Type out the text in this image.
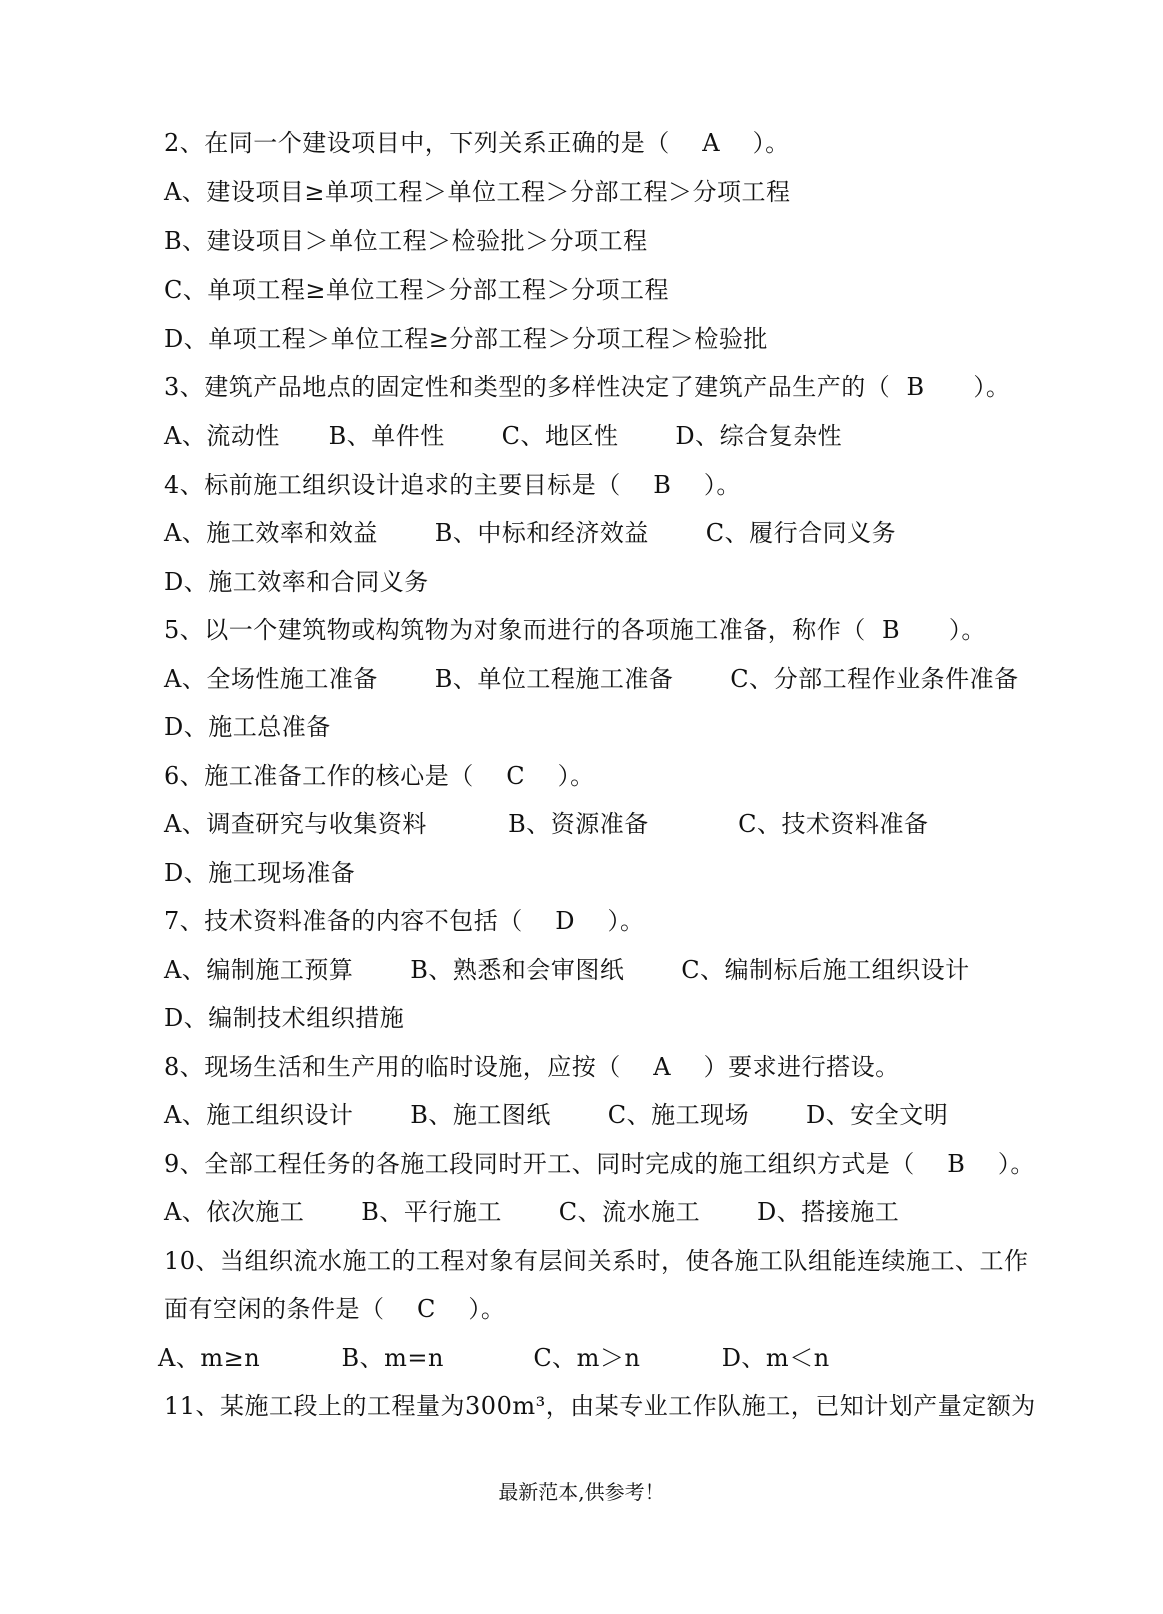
2、在同一个建设项目中，下列关系正确的是（    A    ）。
A、建设项目≥单项工程＞单位工程＞分部工程＞分项工程
B、建设项目＞单位工程＞检验批＞分项工程
C、单项工程≥单位工程＞分部工程＞分项工程
D、单项工程＞单位工程≥分部工程＞分项工程＞检验批
3、建筑产品地点的固定性和类型的多样性决定了建筑产品生产的（  B      ）。
A、流动性      B、单件性       C、地区性       D、综合复杂性
4、标前施工组织设计追求的主要目标是（    B    ）。
A、施工效率和效益       B、中标和经济效益       C、履行合同义务
D、施工效率和合同义务
5、以一个建筑物或构筑物为对象而进行的各项施工准备，称作（  B      ）。
A、全场性施工准备       B、单位工程施工准备       C、分部工程作业条件准备
D、施工总准备
6、施工准备工作的核心是（    C    ）。
A、调查研究与收集资料          B、资源准备           C、技术资料准备
D、施工现场准备
7、技术资料准备的内容不包括（    D    ）。
A、编制施工预算       B、熟悉和会审图纸       C、编制标后施工组织设计
D、编制技术组织措施
8、现场生活和生产用的临时设施，应按（    A    ）要求进行搭设。
A、施工组织设计       B、施工图纸       C、施工现场       D、安全文明
9、全部工程任务的各施工段同时开工、同时完成的施工组织方式是（    B    ）。
A、依次施工       B、平行施工       C、流水施工       D、搭接施工
10、当组织流水施工的工程对象有层间关系时，使各施工队组能连续施工、工作
面有空闲的条件是（    C    ）。
A、m≥n          B、m=n           C、m＞n          D、m＜n
11、某施工段上的工程量为300m³，由某专业工作队施工，已知计划产量定额为
最新范本,供参考！
